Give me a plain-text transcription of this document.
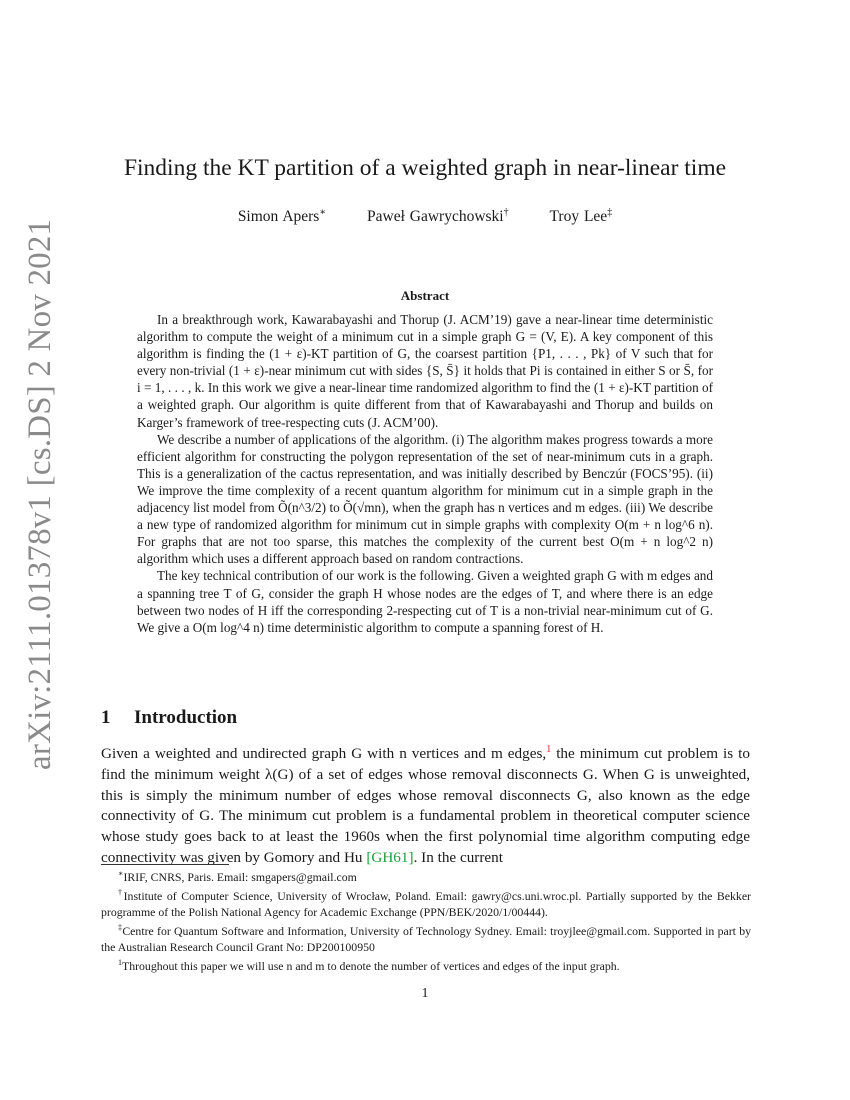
arXiv:2111.01378v1 [cs.DS] 2 Nov 2021
Finding the KT partition of a weighted graph in near-linear time
Simon Apers∗	Paweł Gawrychowski†	Troy Lee‡
Abstract

In a breakthrough work, Kawarabayashi and Thorup (J. ACM’19) gave a near-linear time deterministic algorithm to compute the weight of a minimum cut in a simple graph G = (V, E). A key component of this algorithm is finding the (1 + ε)-KT partition of G, the coarsest partition {P1, . . . , Pk} of V such that for every non-trivial (1 + ε)-near minimum cut with sides {S, S̄} it holds that Pi is contained in either S or S̄, for i = 1, . . . , k. In this work we give a near-linear time randomized algorithm to find the (1 + ε)-KT partition of a weighted graph. Our algorithm is quite different from that of Kawarabayashi and Thorup and builds on Karger’s framework of tree-respecting cuts (J. ACM’00).

We describe a number of applications of the algorithm. (i) The algorithm makes progress towards a more efficient algorithm for constructing the polygon representation of the set of near-minimum cuts in a graph. This is a generalization of the cactus representation, and was initially described by Benczúr (FOCS’95). (ii) We improve the time complexity of a recent quantum algorithm for minimum cut in a simple graph in the adjacency list model from Õ(n^3/2) to Õ(√mn), when the graph has n vertices and m edges. (iii) We describe a new type of randomized algorithm for minimum cut in simple graphs with complexity O(m + n log^6 n). For graphs that are not too sparse, this matches the complexity of the current best O(m + n log^2 n) algorithm which uses a different approach based on random contractions.

The key technical contribution of our work is the following. Given a weighted graph G with m edges and a spanning tree T of G, consider the graph H whose nodes are the edges of T, and where there is an edge between two nodes of H iff the corresponding 2-respecting cut of T is a non-trivial near-minimum cut of G. We give a O(m log^4 n) time deterministic algorithm to compute a spanning forest of H.

1 Introduction

Given a weighted and undirected graph G with n vertices and m edges,$^1$ the minimum cut problem is to find the minimum weight λ(G) of a set of edges whose removal disconnects G. When G is unweighted, this is simply the minimum number of edges whose removal disconnects G, also known as the edge connectivity of G. The minimum cut problem is a fundamental problem in theoretical computer science whose study goes back to at least the 1960s when the first polynomial time algorithm computing edge connectivity was given by Gomory and Hu [GH61]. In the current

∗IRIF, CNRS, Paris. Email: smgapers@gmail.com

†Institute of Computer Science, University of Wrocław, Poland. Email: gawry@cs.uni.wroc.pl. Partially supported by the Bekker programme of the Polish National Agency for Academic Exchange (PPN/BEK/2020/1/00444).

‡Centre for Quantum Software and Information, University of Technology Sydney. Email: troyjlee@gmail.com. Supported in part by the Australian Research Council Grant No: DP200100950

$^1$Throughout this paper we will use n and m to denote the number of vertices and edges of the input graph.

1
